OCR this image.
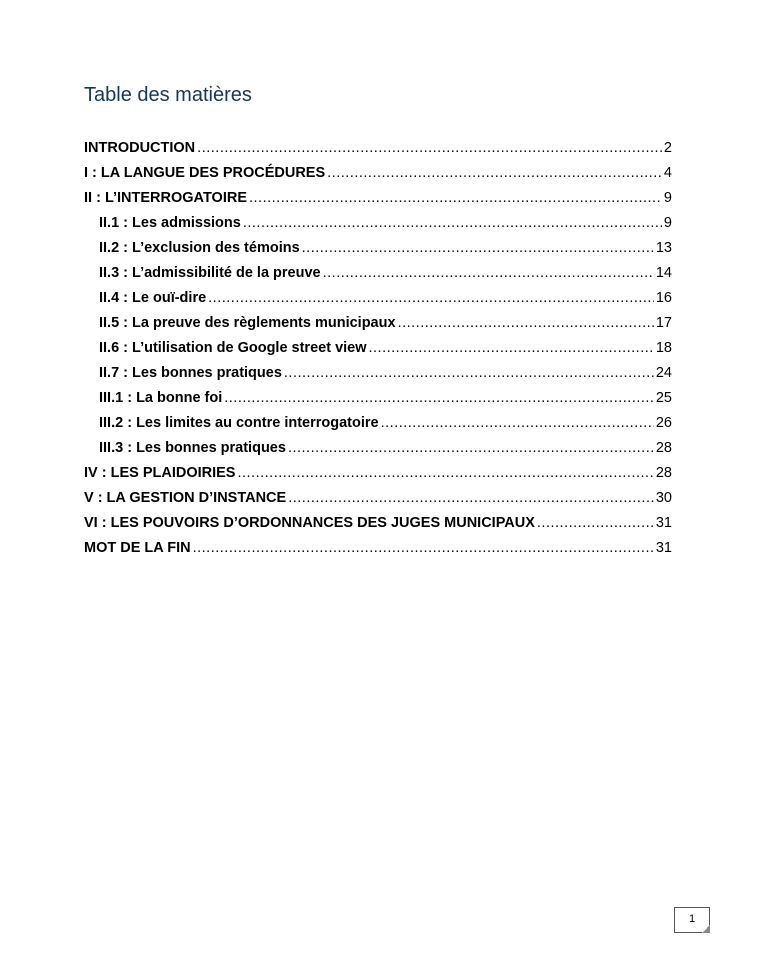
Table des matières
INTRODUCTION .....	2
I : LA LANGUE DES PROCÉDURES .....	4
II : L’INTERROGATOIRE .....	9
II.1 : Les admissions .....	9
II.2 : L’exclusion des témoins .....	13
II.3 : L’admissibilité de la preuve .....	14
II.4 : Le ouï-dire .....	16
II.5 : La preuve des règlements municipaux .....	17
II.6 : L’utilisation de Google street view .....	18
II.7 : Les bonnes pratiques .....	24
III.1 : La bonne foi .....	25
III.2 : Les limites au contre interrogatoire .....	26
III.3 : Les bonnes pratiques .....	28
IV : LES PLAIDOIRIES .....	28
V : LA GESTION D’INSTANCE .....	30
VI : LES POUVOIRS D’ORDONNANCES DES JUGES MUNICIPAUX .....	31
MOT DE LA FIN .....	31
1
